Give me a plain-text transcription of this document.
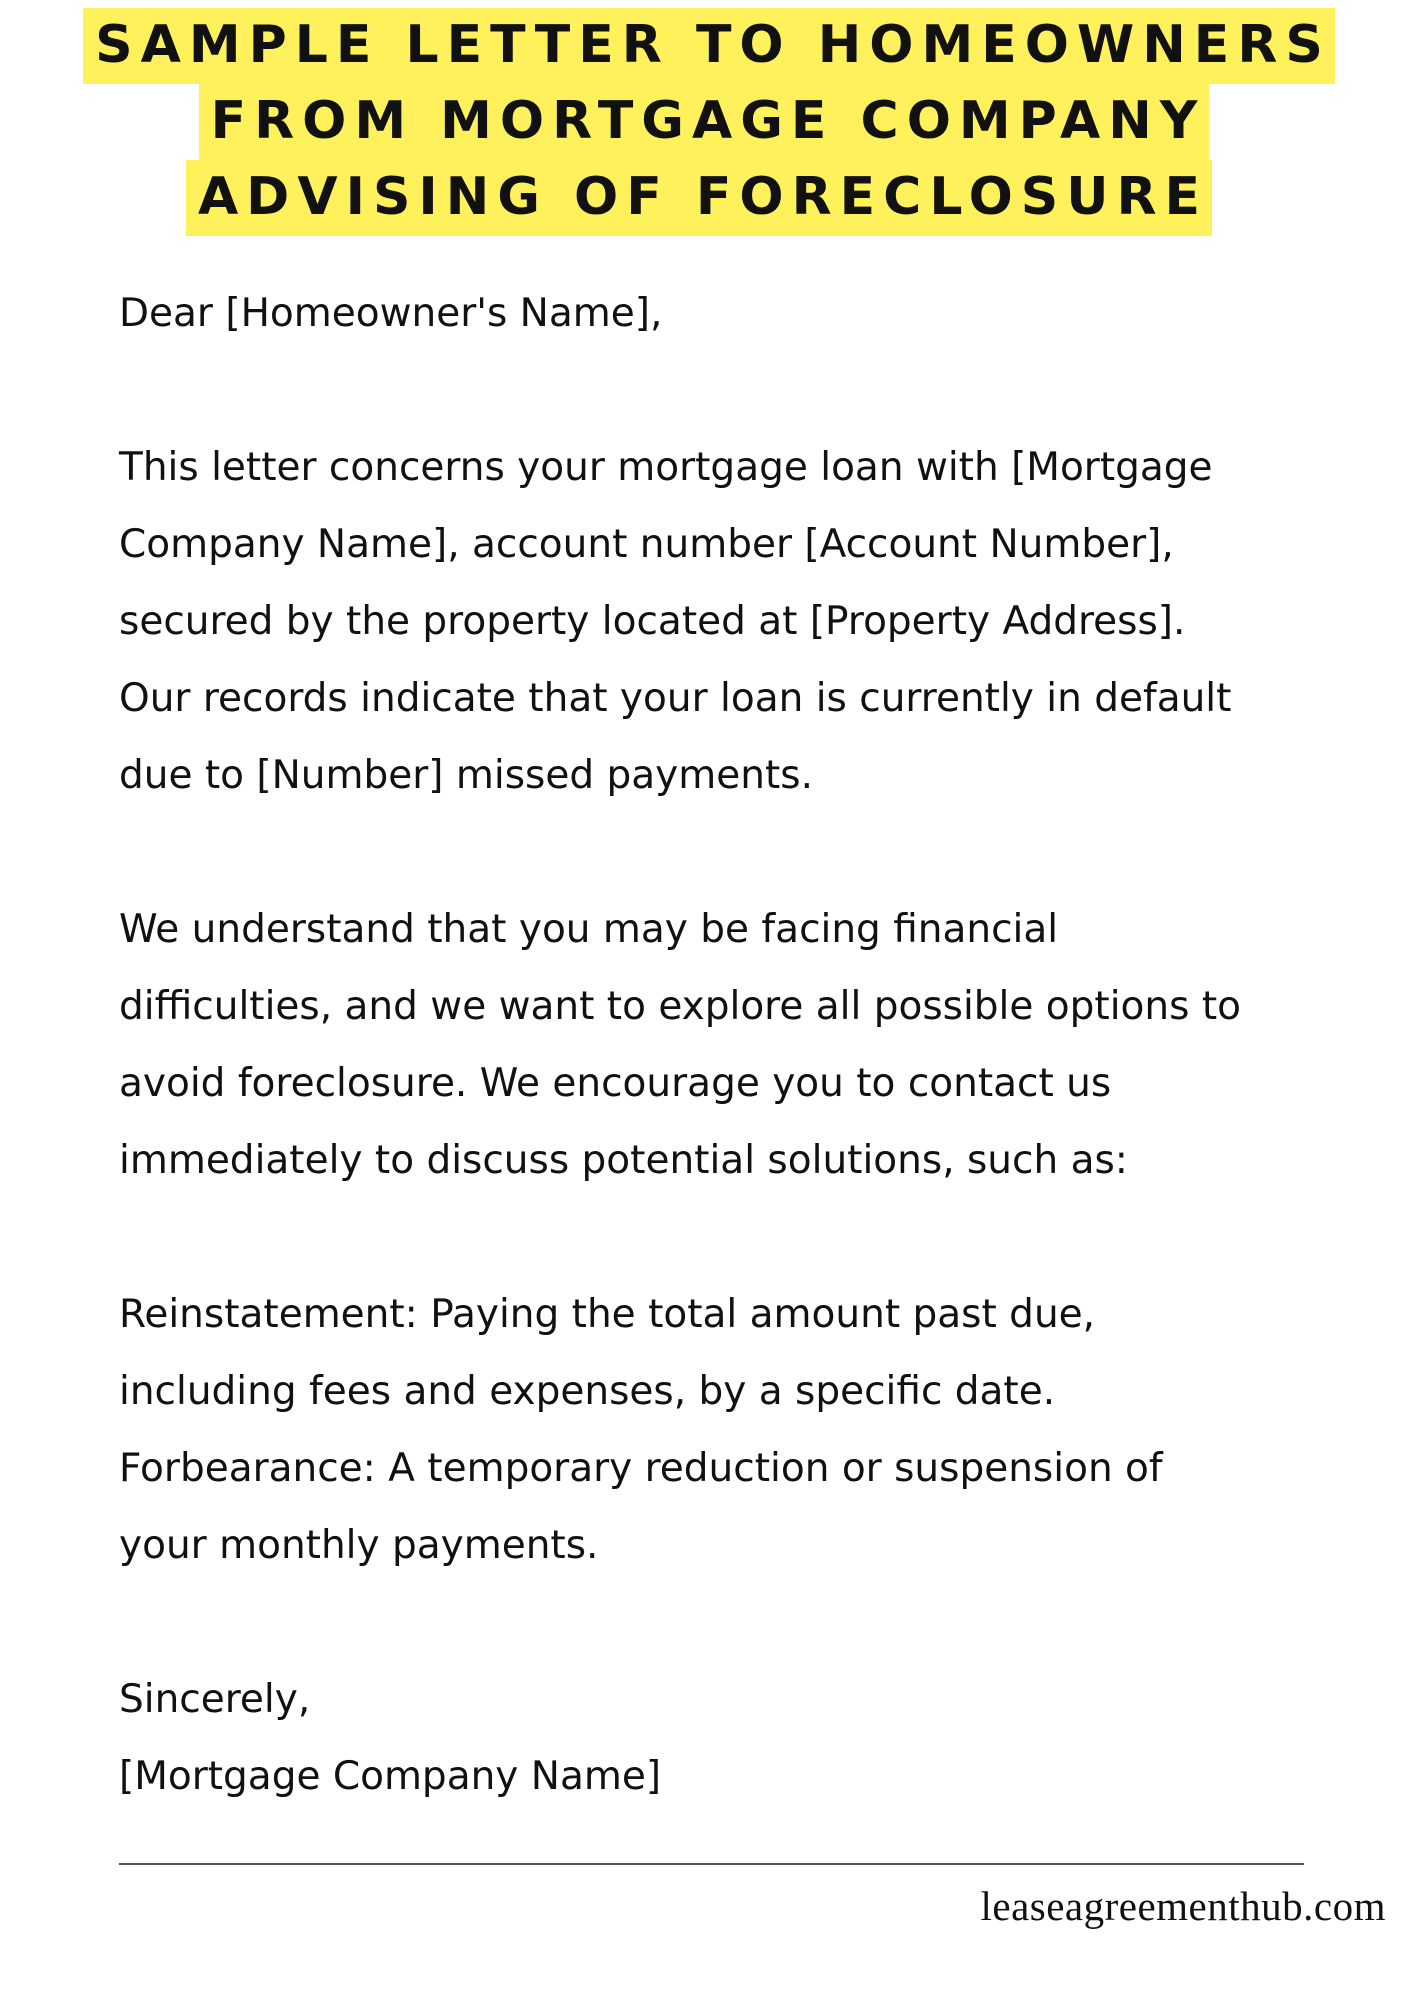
SAMPLE LETTER TO HOMEOWNERS
FROM MORTGAGE COMPANY
ADVISING OF FORECLOSURE
Dear [Homeowner's Name],
This letter concerns your mortgage loan with [Mortgage
Company Name], account number [Account Number],
secured by the property located at [Property Address].
Our records indicate that your loan is currently in default
due to [Number] missed payments.
We understand that you may be facing financial
difficulties, and we want to explore all possible options to
avoid foreclosure. We encourage you to contact us
immediately to discuss potential solutions, such as:
Reinstatement: Paying the total amount past due,
including fees and expenses, by a specific date.
Forbearance: A temporary reduction or suspension of
your monthly payments.
Sincerely,
[Mortgage Company Name]
leaseagreementhub.com
